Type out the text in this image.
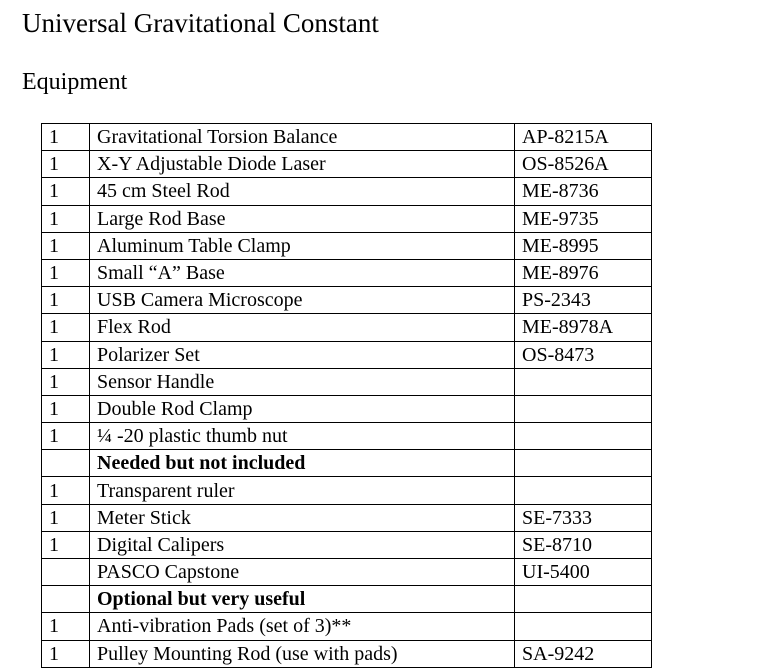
Universal Gravitational Constant
Equipment
1	Gravitational Torsion Balance	AP-8215A
1	X-Y Adjustable Diode Laser	OS-8526A
1	45 cm Steel Rod	ME-8736
1	Large Rod Base	ME-9735
1	Aluminum Table Clamp	ME-8995
1	Small “A” Base	ME-8976
1	USB Camera Microscope	PS-2343
1	Flex Rod	ME-8978A
1	Polarizer Set	OS-8473
1	Sensor Handle	
1	Double Rod Clamp	
1	¼ -20 plastic thumb nut	
	Needed but not included	
1	Transparent ruler	
1	Meter Stick	SE-7333
1	Digital Calipers	SE-8710
	PASCO Capstone	UI-5400
	Optional but very useful	
1	Anti-vibration Pads (set of 3)**	
1	Pulley Mounting Rod (use with pads)	SA-9242
